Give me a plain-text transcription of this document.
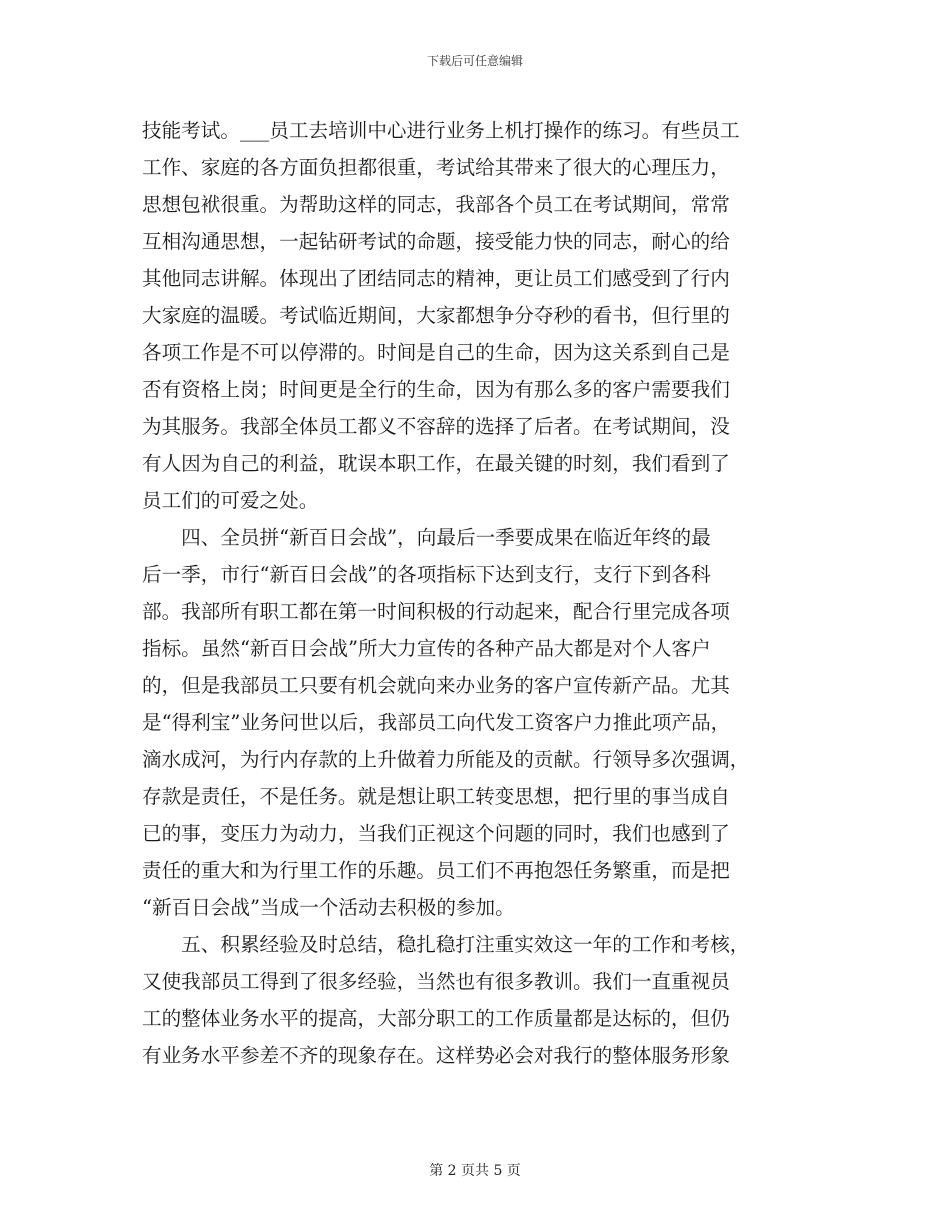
下载后可任意编辑
技能考试。___员工去培训中心进行业务上机打操作的练习。有些员工
工作、家庭的各方面负担都很重，考试给其带来了很大的心理压力，
思想包袱很重。为帮助这样的同志，我部各个员工在考试期间，常常
互相沟通思想，一起钻研考试的命题，接受能力快的同志，耐心的给
其他同志讲解。体现出了团结同志的精神，更让员工们感受到了行内
大家庭的温暖。考试临近期间，大家都想争分夺秒的看书，但行里的
各项工作是不可以停滞的。时间是自己的生命，因为这关系到自己是
否有资格上岗；时间更是全行的生命，因为有那么多的客户需要我们
为其服务。我部全体员工都义不容辞的选择了后者。在考试期间，没
有人因为自己的利益，耽误本职工作，在最关键的时刻，我们看到了
员工们的可爱之处。
　　四、全员拼“新百日会战”，向最后一季要成果在临近年终的最
后一季，市行“新百日会战”的各项指标下达到支行，支行下到各科
部。我部所有职工都在第一时间积极的行动起来，配合行里完成各项
指标。虽然“新百日会战”所大力宣传的各种产品大都是对个人客户
的，但是我部员工只要有机会就向来办业务的客户宣传新产品。尤其
是“得利宝”业务问世以后，我部员工向代发工资客户力推此项产品，
滴水成河，为行内存款的上升做着力所能及的贡献。行领导多次强调，
存款是责任，不是任务。就是想让职工转变思想，把行里的事当成自
已的事，变压力为动力，当我们正视这个问题的同时，我们也感到了
责任的重大和为行里工作的乐趣。员工们不再抱怨任务繁重，而是把
“新百日会战”当成一个活动去积极的参加。
　　五、积累经验及时总结，稳扎稳打注重实效这一年的工作和考核，
又使我部员工得到了很多经验，当然也有很多教训。我们一直重视员
工的整体业务水平的提高，大部分职工的工作质量都是达标的，但仍
有业务水平参差不齐的现象存在。这样势必会对我行的整体服务形象
第 2 页共 5 页
